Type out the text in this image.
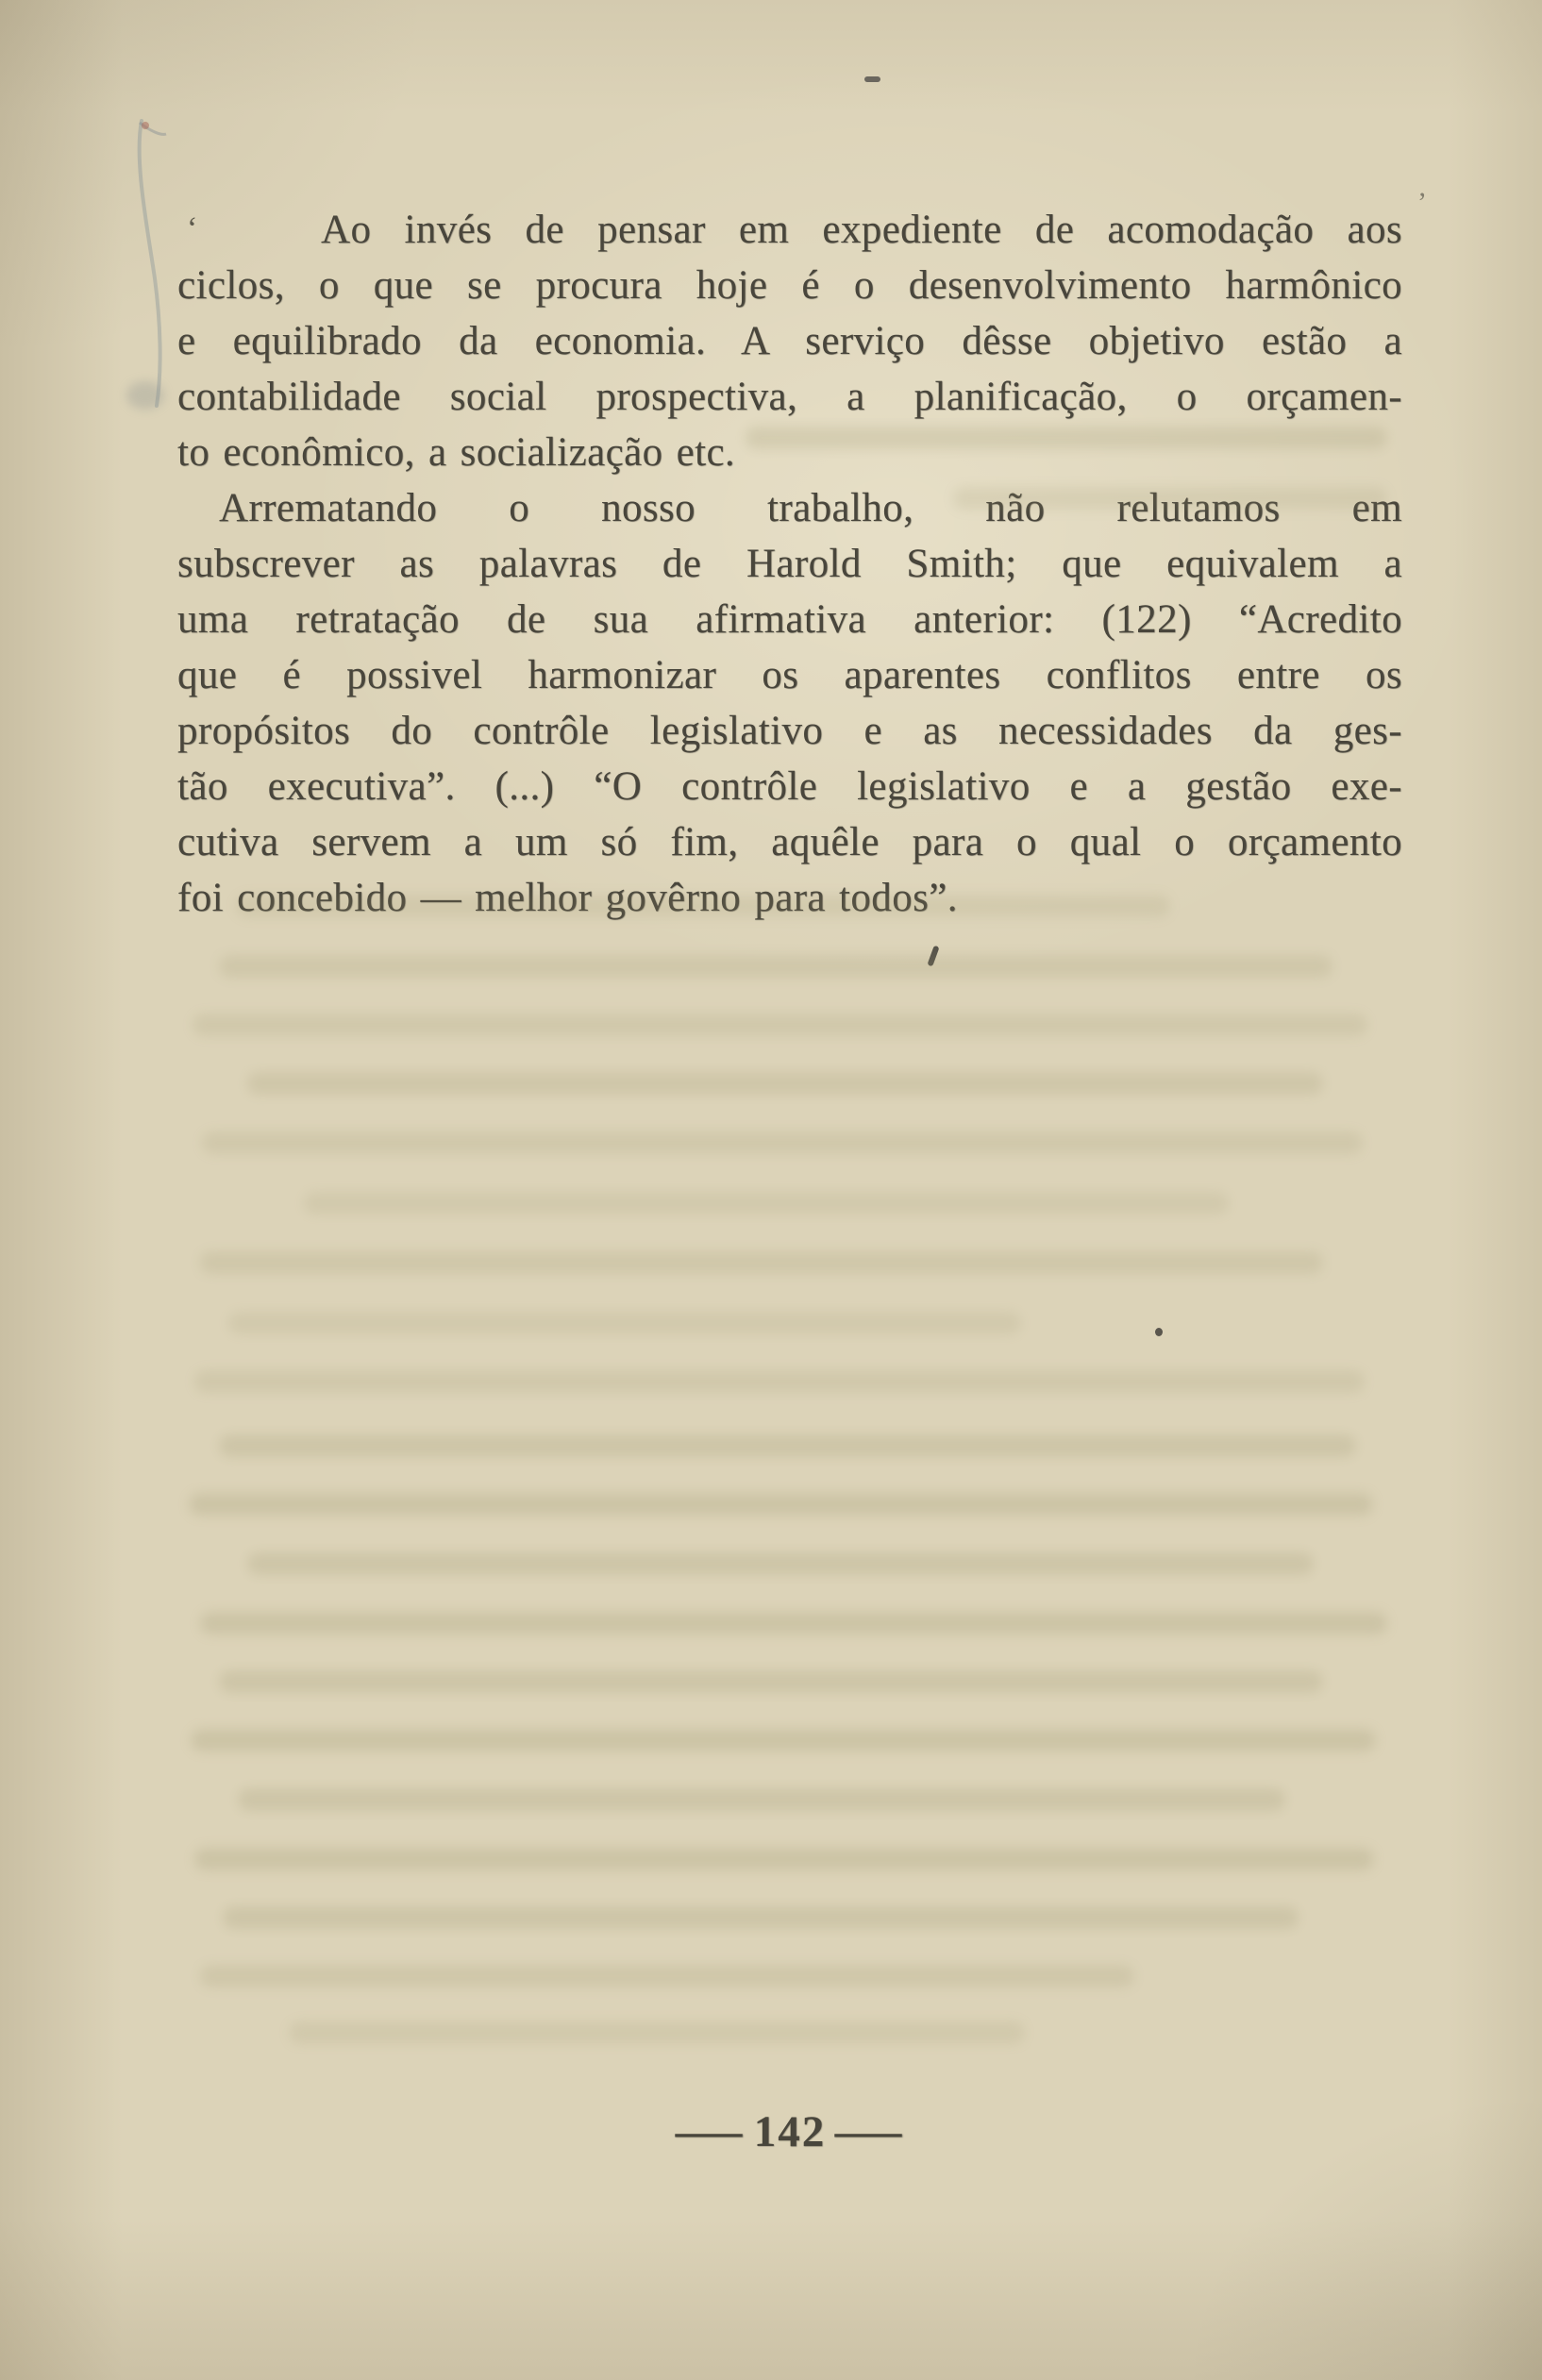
‘
’
Ao invés de pensar em expediente de acomodação aos
ciclos, o que se procura hoje é o desenvolvimento harmônico
e equilibrado da economia. A serviço dêsse objetivo estão a
contabilidade social prospectiva, a planificação, o orçamen-
to econômico, a socialização etc.
Arrematando o nosso trabalho, não relutamos em
subscrever as palavras de Harold Smith; que equivalem a
uma retratação de sua afirmativa anterior: (122) “Acredito
que é possivel harmonizar os aparentes conflitos entre os
propósitos do contrôle legislativo e as necessidades da ges-
tão executiva”. (...) “O contrôle legislativo e a gestão exe-
cutiva servem a um só fim, aquêle para o qual o orçamento
foi concebido — melhor govêrno para todos”.
— 142 —
